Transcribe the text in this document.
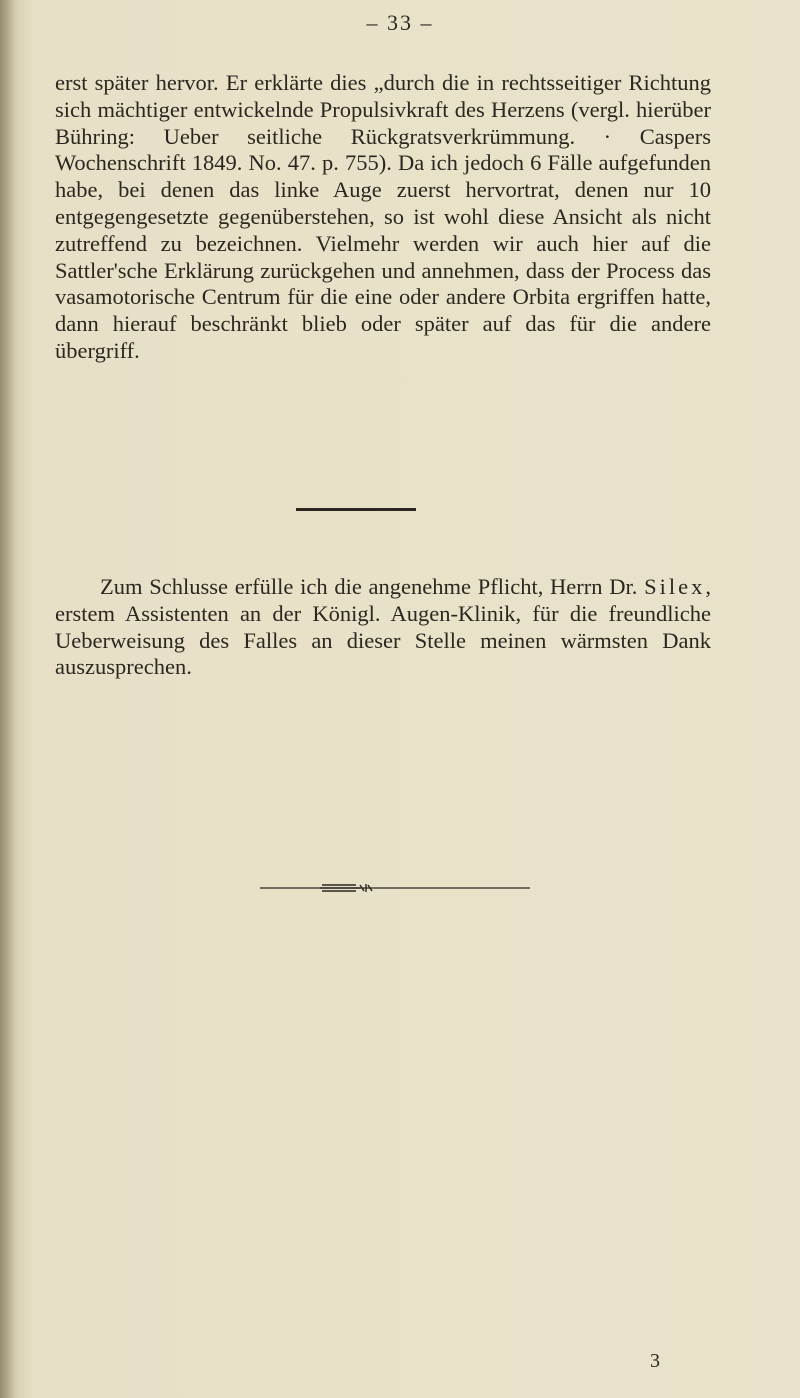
– 33 –

erst später hervor. Er erklärte dies „durch die in rechtsseitiger Richtung sich mächtiger entwickelnde Propulsivkraft des Herzens (vergl. hierüber Bühring: Ueber seitliche Rückgratsverkrümmung. · Caspers Wochenschrift 1849. No. 47. p. 755). Da ich jedoch 6 Fälle aufgefunden habe, bei denen das linke Auge zuerst hervortrat, denen nur 10 entgegengesetzte gegenüberstehen, so ist wohl diese Ansicht als nicht zutreffend zu bezeichnen. Vielmehr werden wir auch hier auf die Sattler'sche Erklärung zurückgehen und annehmen, dass der Process das vasamotorische Centrum für die eine oder andere Orbita ergriffen hatte, dann hierauf beschränkt blieb oder später auf das für die andere übergriff.

Zum Schlusse erfülle ich die angenehme Pflicht, Herrn Dr. Silex, erstem Assistenten an der Königl. Augen-Klinik, für die freundliche Ueberweisung des Falles an dieser Stelle meinen wärmsten Dank auszusprechen.

3
